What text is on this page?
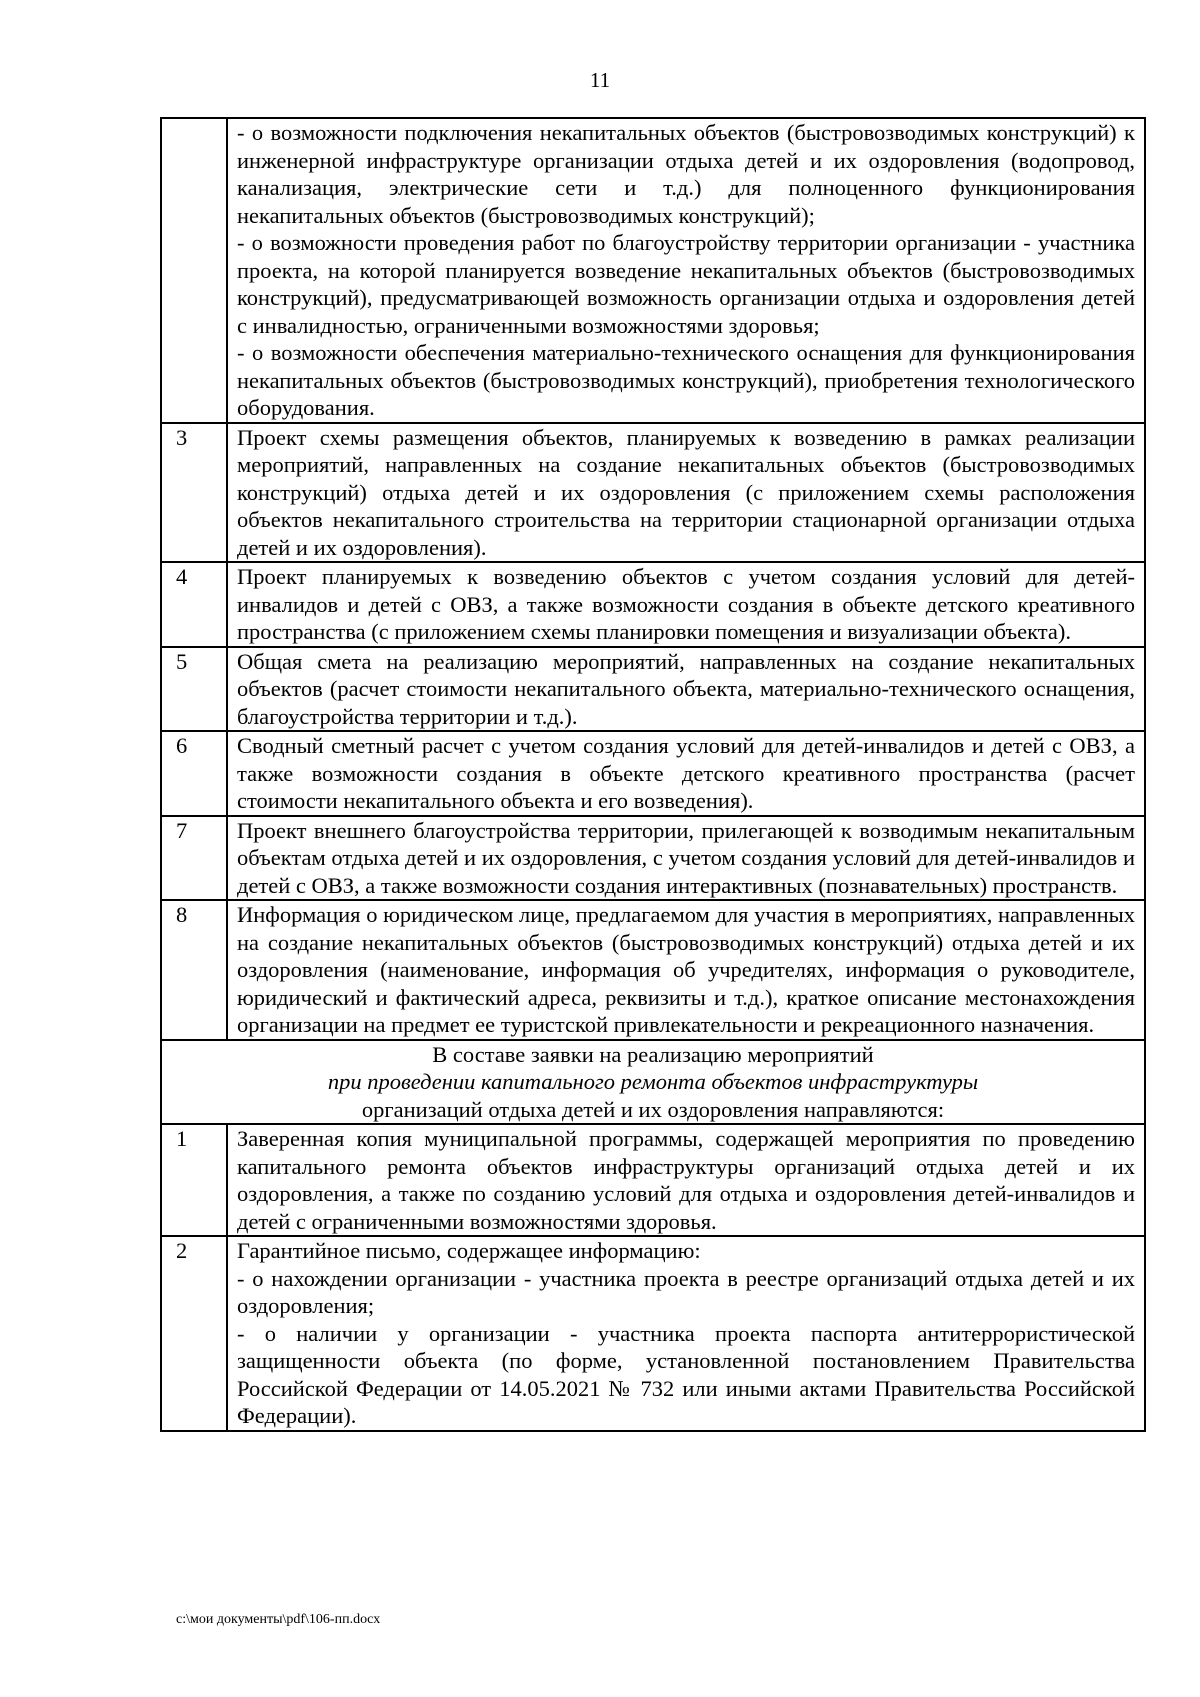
11

	- о возможности подключения некапитальных объектов (быстровозводимых конструкций) к инженерной инфраструктуре организации отдыха детей и их оздоровления (водопровод, канализация, электрические сети и т.д.) для полноценного функционирования некапитальных объектов (быстровозводимых конструкций);
- о возможности проведения работ по благоустройству территории организации - участника проекта, на которой планируется возведение некапитальных объектов (быстровозводимых конструкций), предусматривающей возможность организации отдыха и оздоровления детей с инвалидностью, ограниченными возможностями здоровья;
- о возможности обеспечения материально-технического оснащения для функционирования некапитальных объектов (быстровозводимых конструкций), приобретения технологического оборудования.

3	Проект схемы размещения объектов, планируемых к возведению в рамках реализации мероприятий, направленных на создание некапитальных объектов (быстровозводимых конструкций) отдыха детей и их оздоровления (с приложением схемы расположения объектов некапитального строительства на территории стационарной организации отдыха детей и их оздоровления).

4	Проект планируемых к возведению объектов с учетом создания условий для детей-инвалидов и детей с ОВЗ, а также возможности создания в объекте детского креативного пространства (с приложением схемы планировки помещения и визуализации объекта).

5	Общая смета на реализацию мероприятий, направленных на создание некапитальных объектов (расчет стоимости некапитального объекта, материально-технического оснащения, благоустройства территории и т.д.).

6	Сводный сметный расчет с учетом создания условий для детей-инвалидов и детей с ОВЗ, а также возможности создания в объекте детского креативного пространства (расчет стоимости некапитального объекта и его возведения).

7	Проект внешнего благоустройства территории, прилегающей к возводимым некапитальным объектам отдыха детей и их оздоровления, с учетом создания условий для детей-инвалидов и детей с ОВЗ, а также возможности создания интерактивных (познавательных) пространств.

8	Информация о юридическом лице, предлагаемом для участия в мероприятиях, направленных на создание некапитальных объектов (быстровозводимых конструкций) отдыха детей и их оздоровления (наименование, информация об учредителях, информация о руководителе, юридический и фактический адреса, реквизиты и т.д.), краткое описание местонахождения организации на предмет ее туристской привлекательности и рекреационного назначения.

В составе заявки на реализацию мероприятий
при проведении капитального ремонта объектов инфраструктуры
организаций отдыха детей и их оздоровления направляются:	

1	Заверенная копия муниципальной программы, содержащей мероприятия по проведению капитального ремонта объектов инфраструктуры организаций отдыха детей и их оздоровления, а также по созданию условий для отдыха и оздоровления детей-инвалидов и детей с ограниченными возможностями здоровья.

2	Гарантийное письмо, содержащее информацию:
- о нахождении организации - участника проекта в реестре организаций отдыха детей и их оздоровления;
- о наличии у организации - участника проекта паспорта антитеррористической защищенности объекта (по форме, установленной постановлением Правительства Российской Федерации от 14.05.2021 № 732 или иными актами Правительства Российской Федерации).
c:\мои документы\pdf\106-пп.docx
